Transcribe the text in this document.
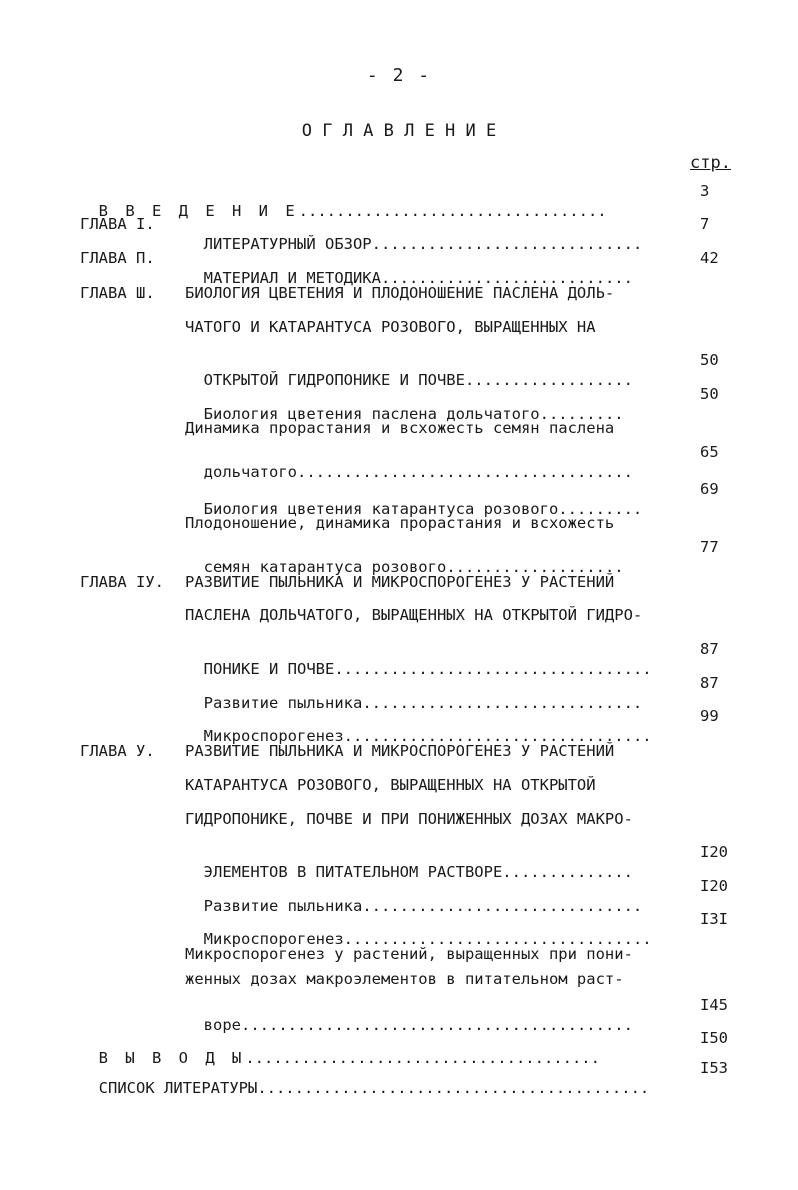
- 2 -
О Г Л А В Л Е Н И Е
стр.

В В Е Д Е Н И Е.................................

3
ГЛАВА I.

ЛИТЕРАТУРНЫЙ ОБЗОР.............................

7
ГЛАВА П.

МАТЕРИАЛ И МЕТОДИКА...........................

42
ГЛАВА Ш. БИОЛОГИЯ ЦВЕТЕНИЯ И ПЛОДОНОШЕНИЕ ПАСЛЕНА ДОЛЬ-
ЧАТОГО И КАТАРАНТУСА РОЗОВОГО, ВЫРАЩЕННЫХ НА

ОТКРЫТОЙ ГИДРОПОНИКЕ И ПОЧВЕ..................

50

Биология цветения паслена дольчатого.........

50
Динамика прорастания и всхожесть семян паслена

дольчатого....................................

65

Биология цветения катарантуса розового.........

69
Плодоношение, динамика прорастания и всхожесть

семян катарантуса розового...................

77
ГЛАВА IУ. РАЗВИТИЕ ПЫЛЬНИКА И МИКРОСПОРОГЕНЕЗ У РАСТЕНИЙ
ПАСЛЕНА ДОЛЬЧАТОГО, ВЫРАЩЕННЫХ НА ОТКРЫТОЙ ГИДРО-

ПОНИКЕ И ПОЧВЕ..................................

87

Развитие пыльника..............................

87

Микроспорогенез.................................

99
ГЛАВА У. РАЗВИТИЕ ПЫЛЬНИКА И МИКРОСПОРОГЕНЕЗ У РАСТЕНИЙ
КАТАРАНТУСА РОЗОВОГО, ВЫРАЩЕННЫХ НА ОТКРЫТОЙ
ГИДРОПОНИКЕ, ПОЧВЕ И ПРИ ПОНИЖЕННЫХ ДОЗАХ МАКРО-

ЭЛЕМЕНТОВ В ПИТАТЕЛЬНОМ РАСТВОРЕ..............

I20

Развитие пыльника..............................

I20

Микроспорогенез.................................

I3I
Микроспорогенез у растений, выращенных при пони-
женных дозах макроэлементов в питательном раст-

воре..........................................

I45

В Ы В О Д Ы......................................

I50

СПИСОК ЛИТЕРАТУРЫ..........................................

I53
